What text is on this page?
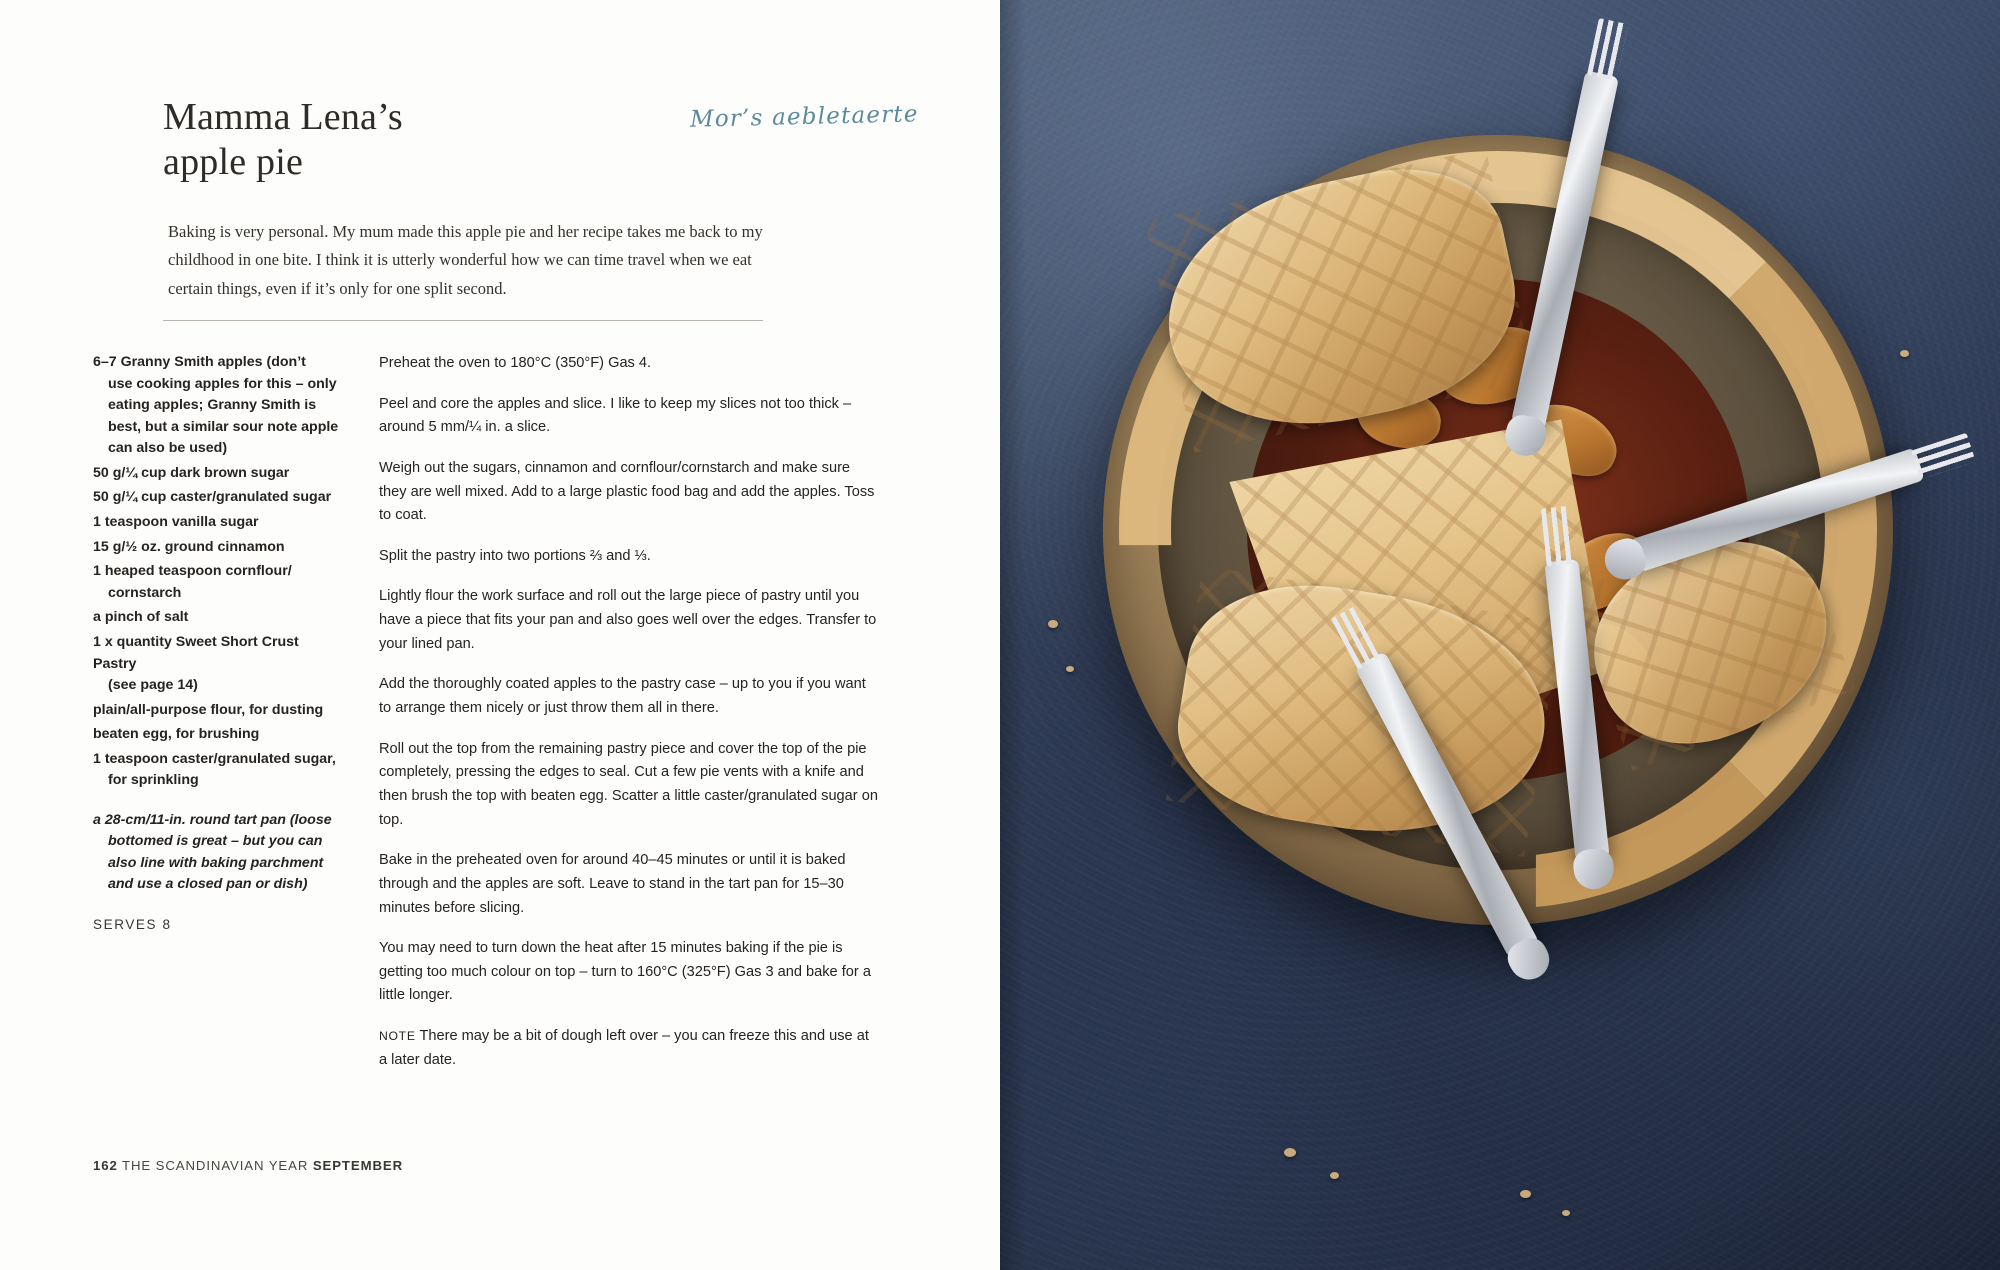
Mamma Lena’s
apple pie
Mor’s aebletaerte
Baking is very personal. My mum made this apple pie and her recipe takes me back to my childhood in one bite. I think it is utterly wonderful how we can time travel when we eat certain things, even if it’s only for one split second.
6–7 Granny Smith apples (don’t
use cooking apples for this – only eating apples; Granny Smith is best, but a similar sour note apple can also be used)
50 g/¼ cup dark brown sugar
50 g/¼ cup caster/granulated sugar
1 teaspoon vanilla sugar
15 g/½ oz. ground cinnamon
1 heaped teaspoon cornflour/
cornstarch
a pinch of salt
1 x quantity Sweet Short Crust Pastry
(see page 14)
plain/all-purpose flour, for dusting
beaten egg, for brushing
1 teaspoon caster/granulated sugar,
for sprinkling
a 28-cm/11-in. round tart pan (loose
bottomed is great – but you can also line with baking parchment and use a closed pan or dish)
SERVES 8

Preheat the oven to 180°C (350°F) Gas 4.

Peel and core the apples and slice. I like to keep my slices not too thick – around 5 mm/¼ in. a slice.

Weigh out the sugars, cinnamon and cornflour/cornstarch and make sure they are well mixed. Add to a large plastic food bag and add the apples. Toss to coat.

Split the pastry into two portions ⅔ and ⅓.

Lightly flour the work surface and roll out the large piece of pastry until you have a piece that fits your pan and also goes well over the edges. Transfer to your lined pan.

Add the thoroughly coated apples to the pastry case – up to you if you want to arrange them nicely or just throw them all in there.

Roll out the top from the remaining pastry piece and cover the top of the pie completely, pressing the edges to seal. Cut a few pie vents with a knife and then brush the top with beaten egg. Scatter a little caster/granulated sugar on top.

Bake in the preheated oven for around 40–45 minutes or until it is baked through and the apples are soft. Leave to stand in the tart pan for 15–30 minutes before slicing.

You may need to turn down the heat after 15 minutes baking if the pie is getting too much colour on top – turn to 160°C (325°F) Gas 3 and bake for a little longer.

NOTE There may be a bit of dough left over – you can freeze this and use at a later date.

162 THE SCANDINAVIAN YEAR SEPTEMBER
